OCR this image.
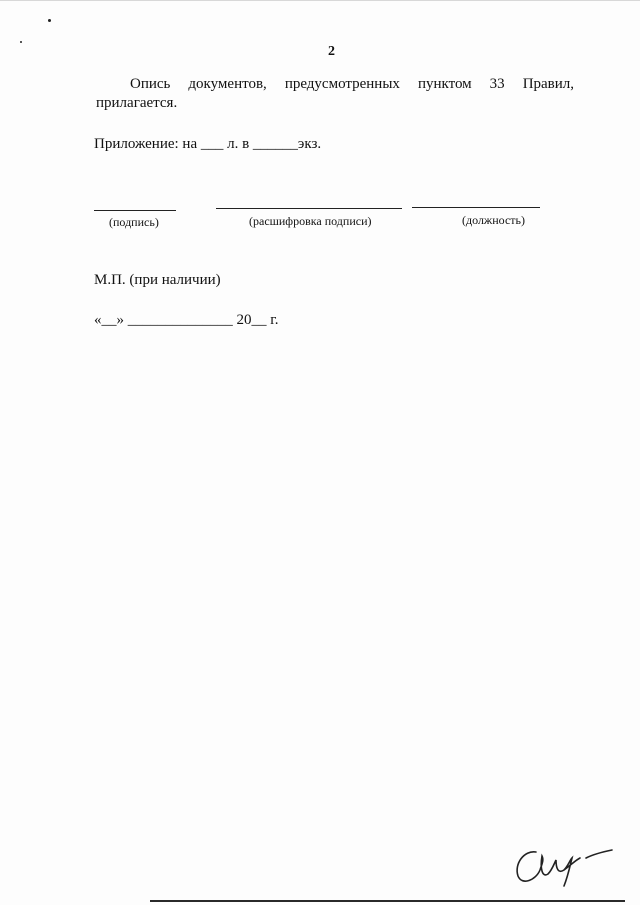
2
Опись документов, предусмотренных пунктом 33 Правил,
прилагается.
Приложение: на ___ л. в ______экз.
(подпись)	(расшифровка подписи)	(должность)
М.П. (при наличии)
«__» ______________ 20__ г.
